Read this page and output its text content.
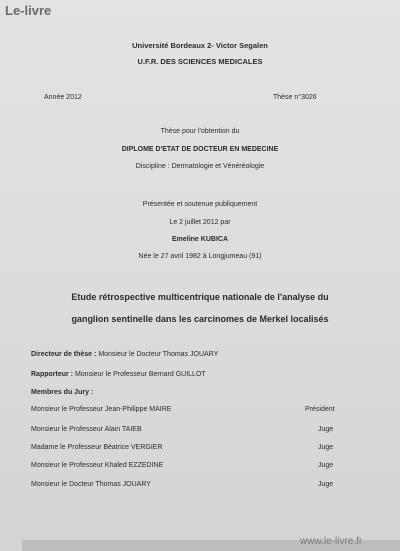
Le-livre
Université Bordeaux 2- Victor Segalen
U.F.R. DES SCIENCES MEDICALES
Année 2012	Thèse n°3026
Thèse pour l'obtention du
DIPLOME D'ETAT DE DOCTEUR EN MEDECINE
Discipline : Dermatologie et Vénéréologie
Présentée et soutenue publiquement
Le 2 juillet 2012 par
Emeline KUBICA
Née le 27 avril 1982 à Longjumeau (91)
Etude rétrospective multicentrique nationale de l'analyse du
ganglion sentinelle dans les carcinomes de Merkel localisés
Directeur de thèse : Monsieur le Docteur Thomas JOUARY
Rapporteur : Monsieur le Professeur Bernard GUILLOT
Membres du Jury :
Monsieur le Professeur Jean-Philippe MAIRE	Président
Monsieur le Professeur Alain TAIEB	Juge
Madame le Professeur Béatrice VERGIER	Juge
Monsieur le Professeur Khaled EZZEDINE	Juge
Monsieur le Docteur Thomas JOUARY	Juge
www.le-livre.fr
